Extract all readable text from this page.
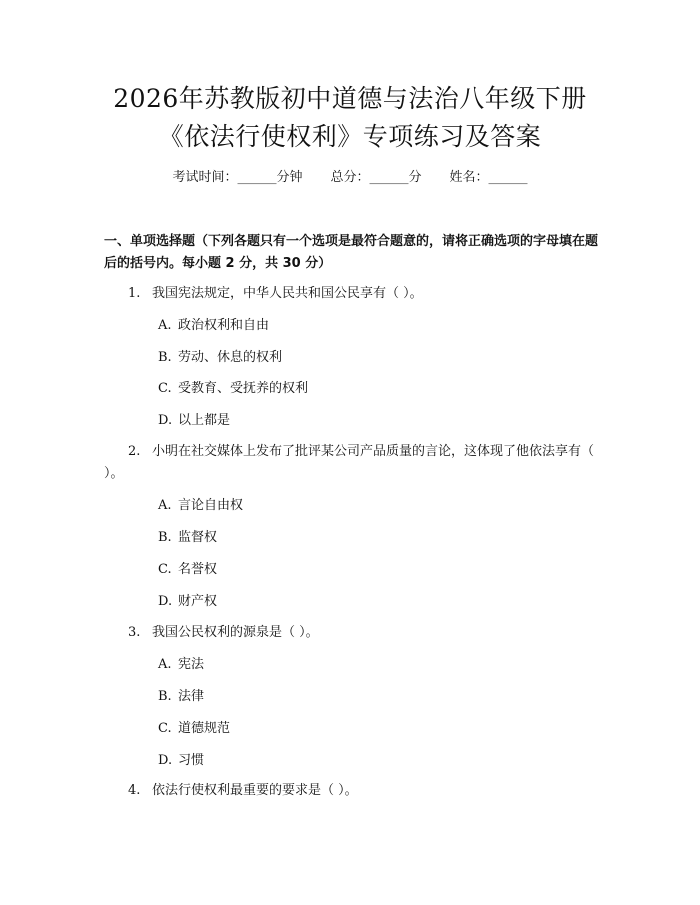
2026年苏教版初中道德与法治八年级下册
《依法行使权利》专项练习及答案
考试时间：______分钟 总分：______分 姓名：______
一、单项选择题（下列各题只有一个选项是最符合题意的，请将正确选项的字母填在题后的括号内。每小题 2 分，共 30 分）
1. 我国宪法规定，中华人民共和国公民享有（ ）。
A. 政治权利和自由
B. 劳动、休息的权利
C. 受教育、受抚养的权利
D. 以上都是
2. 小明在社交媒体上发布了批评某公司产品质量的言论，这体现了他依法享有（ ）。
A. 言论自由权
B. 监督权
C. 名誉权
D. 财产权
3. 我国公民权利的源泉是（ ）。
A. 宪法
B. 法律
C. 道德规范
D. 习惯
4. 依法行使权利最重要的要求是（ ）。
